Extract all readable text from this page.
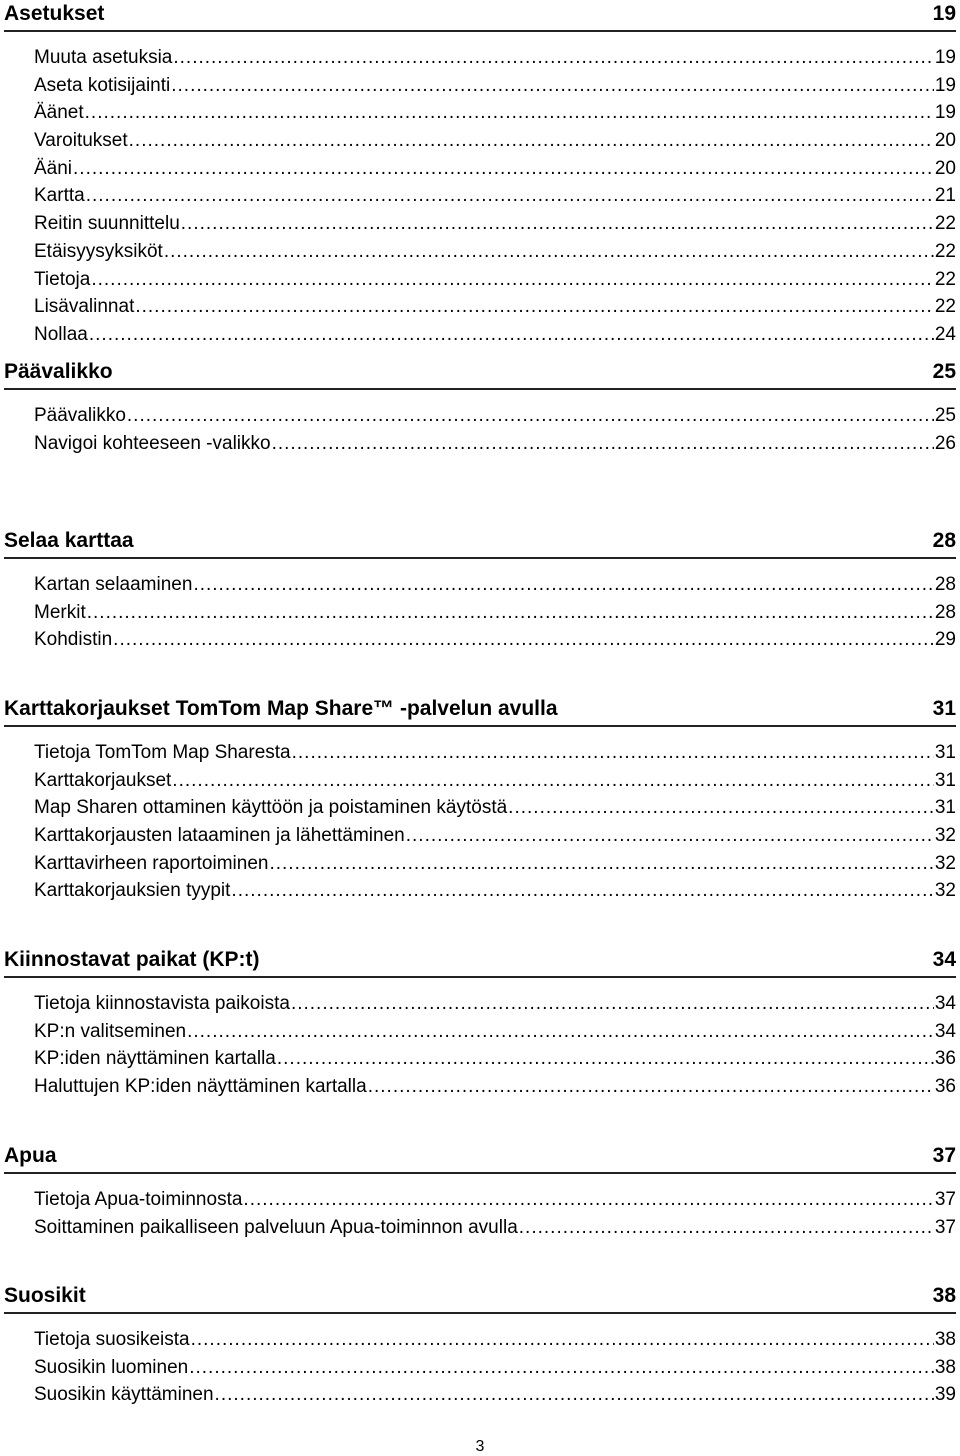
Asetukset	19
Muuta asetuksia .....	19
Aseta kotisijainti .....	19
Äänet .....	19
Varoitukset .....	20
Ääni .....	20
Kartta .....	21
Reitin suunnittelu .....	22
Etäisyysyksiköt .....	22
Tietoja .....	22
Lisävalinnat .....	22
Nollaa .....	24
Päävalikko	25
Päävalikko .....	25
Navigoi kohteeseen -valikko .....	26
Selaa karttaa	28
Kartan selaaminen .....	28
Merkit .....	28
Kohdistin .....	29
Karttakorjaukset TomTom Map Share™ -palvelun avulla	31
Tietoja TomTom Map Sharesta .....	31
Karttakorjaukset .....	31
Map Sharen ottaminen käyttöön ja poistaminen käytöstä .....	31
Karttakorjausten lataaminen ja lähettäminen .....	32
Karttavirheen raportoiminen .....	32
Karttakorjauksien tyypit .....	32
Kiinnostavat paikat (KP:t)	34
Tietoja kiinnostavista paikoista .....	34
KP:n valitseminen .....	34
KP:iden näyttäminen kartalla .....	36
Haluttujen KP:iden näyttäminen kartalla .....	36
Apua	37
Tietoja Apua-toiminnosta .....	37
Soittaminen paikalliseen palveluun Apua-toiminnon avulla .....	37
Suosikit	38
Tietoja suosikeista .....	38
Suosikin luominen .....	38
Suosikin käyttäminen .....	39
3
